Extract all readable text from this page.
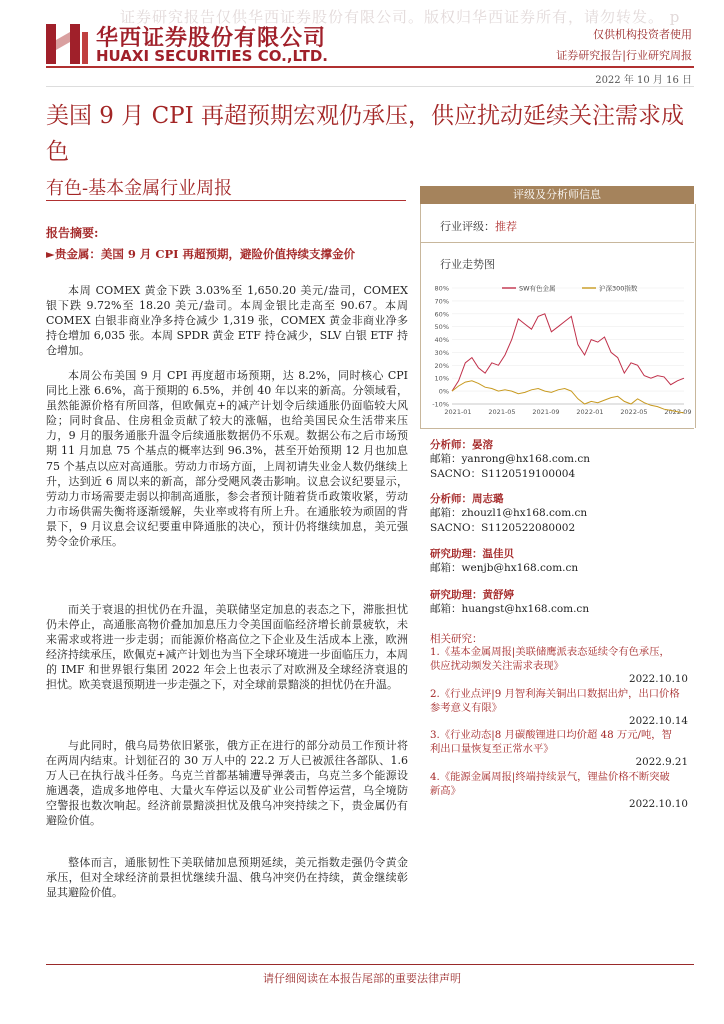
证券研究报告仅供华西证券股份有限公司。版权归华西证券所有，请勿转发。 p
华西证券股份有限公司
HUAXI SECURITIES CO.,LTD.
仅供机构投资者使用
证券研究报告|行业研究周报
2022 年 10 月 16 日
美国 9 月 CPI 再超预期宏观仍承压，供应扰动延续关注需求成色
有色-基本金属行业周报	评级及分析师信息
行业评级：推荐
行业走势图
-10%
0%
10%
20%
30%
40%
50%
60%
70%
80%
2021-01	2021-05	2021-09	2022-01	2022-05	2022-09
SW有色金属	沪深300指数
报告摘要:
►贵金属：美国 9 月 CPI 再超预期，避险价值持续支撑金价

本周 COMEX 黄金下跌 3.03%至 1,650.20 美元/盎司，COMEX 银下跌 9.72%至 18.20 美元/盎司。本周金银比走高至 90.67。本周 COMEX 白银非商业净多持仓减少 1,319 张，COMEX 黄金非商业净多持仓增加 6,035 张。本周 SPDR 黄金 ETF 持仓减少，SLV 白银 ETF 持仓增加。

本周公布美国 9 月 CPI 再度超市场预期，达 8.2%，同时核心 CPI 同比上涨 6.6%，高于预期的 6.5%，并创 40 年以来的新高。分领域看，虽然能源价格有所回落，但欧佩克+的减产计划令后续通胀仍面临较大风险；同时食品、住房租金贡献了较大的涨幅，也给美国民众生活带来压力，9 月的服务通胀升温令后续通胀数据仍不乐观。数据公布之后市场预期 11 月加息 75 个基点的概率达到 96.3%，甚至开始预期 12 月也加息 75 个基点以应对高通胀。劳动力市场方面，上周初请失业金人数仍继续上升，达到近 6 周以来的新高，部分受飓风袭击影响。议息会议纪要显示，劳动力市场需要走弱以抑制高通胀，参会者预计随着货币政策收紧，劳动力市场供需失衡将逐渐缓解，失业率或将有所上升。在通胀较为顽固的背景下，9 月议息会议纪要重申降通胀的决心，预计仍将继续加息，美元强势令金价承压。

而关于衰退的担忧仍在升温，美联储坚定加息的表态之下，滞胀担忧仍未停止，高通胀高物价叠加加息压力令美国面临经济增长前景疲软，未来需求或将进一步走弱；而能源价格高位之下企业及生活成本上涨，欧洲经济持续承压，欧佩克+减产计划也为当下全球环境进一步面临压力，本周的 IMF 和世界银行集团 2022 年会上也表示了对欧洲及全球经济衰退的担忧。欧美衰退预期进一步走强之下，对全球前景黯淡的担忧仍在升温。

与此同时，俄乌局势依旧紧张，俄方正在进行的部分动员工作预计将在两周内结束。计划征召的 30 万人中的 22.2 万人已被派往各部队、1.6 万人已在执行战斗任务。乌克兰首都基辅遭导弹袭击，乌克兰多个能源设施遇袭，造成多地停电、大量火车停运以及矿业公司暂停运营，乌全境防空警报也数次响起。经济前景黯淡担忧及俄乌冲突持续之下，贵金属仍有避险价值。

整体而言，通胀韧性下美联储加息预期延续，美元指数走强仍令黄金承压，但对全球经济前景担忧继续升温、俄乌冲突仍在持续，黄金继续彰显其避险价值。

分析师：晏溶
邮箱：yanrong@hx168.com.cn
SACNO：S1120519100004
分析师：周志璐
邮箱：zhouzl1@hx168.com.cn
SACNO：S1120522080002
研究助理：温佳贝
邮箱：wenjb@hx168.com.cn
研究助理：黄舒婷
邮箱：huangst@hx168.com.cn
相关研究：
1.《基本金属周报|美联储鹰派表态延续令有色承压，供应扰动频发关注需求表现》
2022.10.10
2.《行业点评|9 月智利海关铜出口数据出炉，出口价格参考意义有限》
2022.10.14
3.《行业动态|8 月碳酸锂进口均价超 48 万元/吨，智利出口量恢复至正常水平》
2022.9.21
4.《能源金属周报|终端持续景气，锂盐价格不断突破新高》
2022.10.10
请仔细阅读在本报告尾部的重要法律声明
